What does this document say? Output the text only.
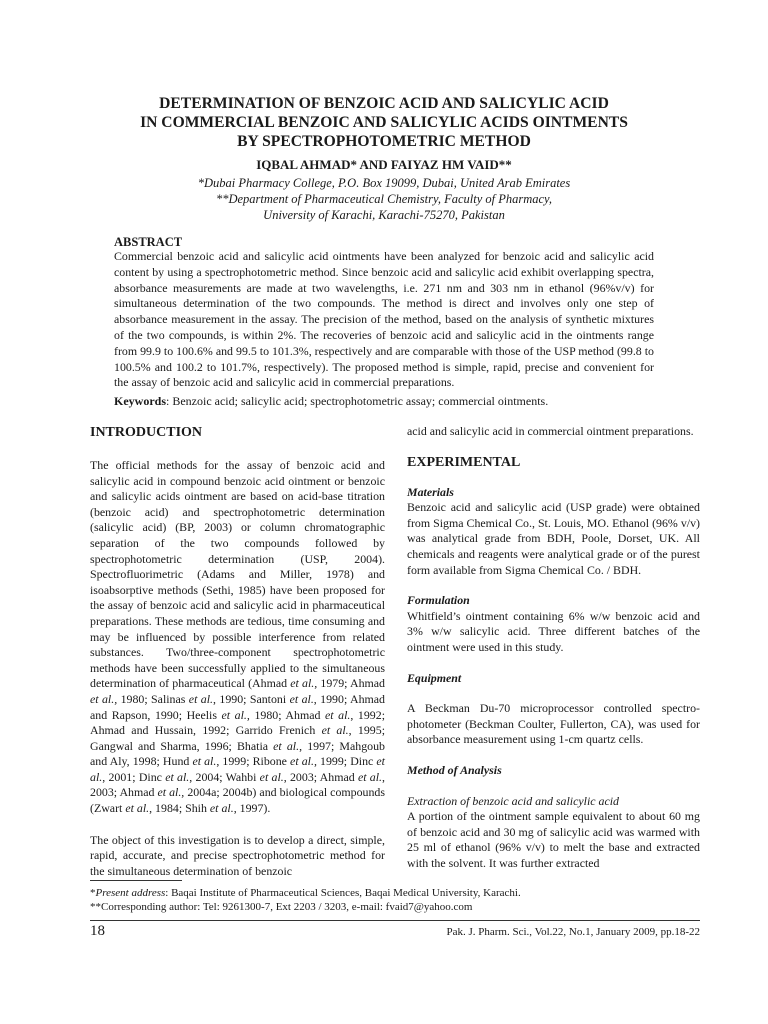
DETERMINATION OF BENZOIC ACID AND SALICYLIC ACID
IN COMMERCIAL BENZOIC AND SALICYLIC ACIDS OINTMENTS
BY SPECTROPHOTOMETRIC METHOD
IQBAL AHMAD* AND FAIYAZ HM VAID**
*Dubai Pharmacy College, P.O. Box 19099, Dubai, United Arab Emirates
**Department of Pharmaceutical Chemistry, Faculty of Pharmacy,
University of Karachi, Karachi-75270, Pakistan
ABSTRACT
Commercial benzoic acid and salicylic acid ointments have been analyzed for benzoic acid and salicylic acid content by using a spectrophotometric method. Since benzoic acid and salicylic acid exhibit overlapping spectra, absorbance measurements are made at two wavelengths, i.e. 271 nm and 303 nm in ethanol (96%v/v) for simultaneous determination of the two compounds. The method is direct and involves only one step of absorbance measurement in the assay. The precision of the method, based on the analysis of synthetic mixtures of the two compounds, is within 2%. The recoveries of benzoic acid and salicylic acid in the ointments range from 99.9 to 100.6% and 99.5 to 101.3%, respectively and are comparable with those of the USP method (99.8 to 100.5% and 100.2 to 101.7%, respectively). The proposed method is simple, rapid, precise and convenient for the assay of benzoic acid and salicylic acid in commercial preparations.
Keywords: Benzoic acid; salicylic acid; spectrophotometric assay; commercial ointments.
INTRODUCTION

The official methods for the assay of benzoic acid and salicylic acid in compound benzoic acid ointment or benzoic and salicylic acids ointment are based on acid-base titration (benzoic acid) and spectrophotometric determination (salicylic acid) (BP, 2003) or column chromatographic separation of the two compounds followed by spectrophotometric determination (USP, 2004). Spectrofluorimetric (Adams and Miller, 1978) and isoabsorptive methods (Sethi, 1985) have been proposed for the assay of benzoic acid and salicylic acid in pharmaceutical preparations. These methods are tedious, time consuming and may be influenced by possible interference from related substances. Two/three-component spectrophotometric methods have been successfully applied to the simultaneous determination of pharmaceutical (Ahmad et al., 1979; Ahmad et al., 1980; Salinas et al., 1990; Santoni et al., 1990; Ahmad and Rapson, 1990; Heelis et al., 1980; Ahmad et al., 1992; Ahmad and Hussain, 1992; Garrido Frenich et al., 1995; Gangwal and Sharma, 1996; Bhatia et al., 1997; Mahgoub and Aly, 1998; Hund et al., 1999; Ribone et al., 1999; Dinc et al., 2001; Dinc et al., 2004; Wahbi et al., 2003; Ahmad et al., 2003; Ahmad et al., 2004a; 2004b) and biological compounds (Zwart et al., 1984; Shih et al., 1997).

The object of this investigation is to develop a direct, simple, rapid, accurate, and precise spectrophotometric method for the simultaneous determination of benzoic

acid and salicylic acid in commercial ointment preparations.

EXPERIMENTAL

Materials

Benzoic acid and salicylic acid (USP grade) were obtained from Sigma Chemical Co., St. Louis, MO. Ethanol (96% v/v) was analytical grade from BDH, Poole, Dorset, UK. All chemicals and reagents were analytical grade or of the purest form available from Sigma Chemical Co. / BDH.

Formulation

Whitfield’s ointment containing 6% w/w benzoic acid and 3% w/w salicylic acid. Three different batches of the ointment were used in this study.

Equipment

A Beckman Du-70 microprocessor controlled spectro-photometer (Beckman Coulter, Fullerton, CA), was used for absorbance measurement using 1-cm quartz cells.

Method of Analysis

Extraction of benzoic acid and salicylic acid

A portion of the ointment sample equivalent to about 60 mg of benzoic acid and 30 mg of salicylic acid was warmed with 25 ml of ethanol (96% v/v) to melt the base and extracted with the solvent. It was further extracted

*Present address: Baqai Institute of Pharmaceutical Sciences, Baqai Medical University, Karachi.
**Corresponding author: Tel: 9261300-7, Ext 2203 / 3203, e-mail: fvaid7@yahoo.com
18	Pak. J. Pharm. Sci., Vol.22, No.1, January 2009, pp.18-22
